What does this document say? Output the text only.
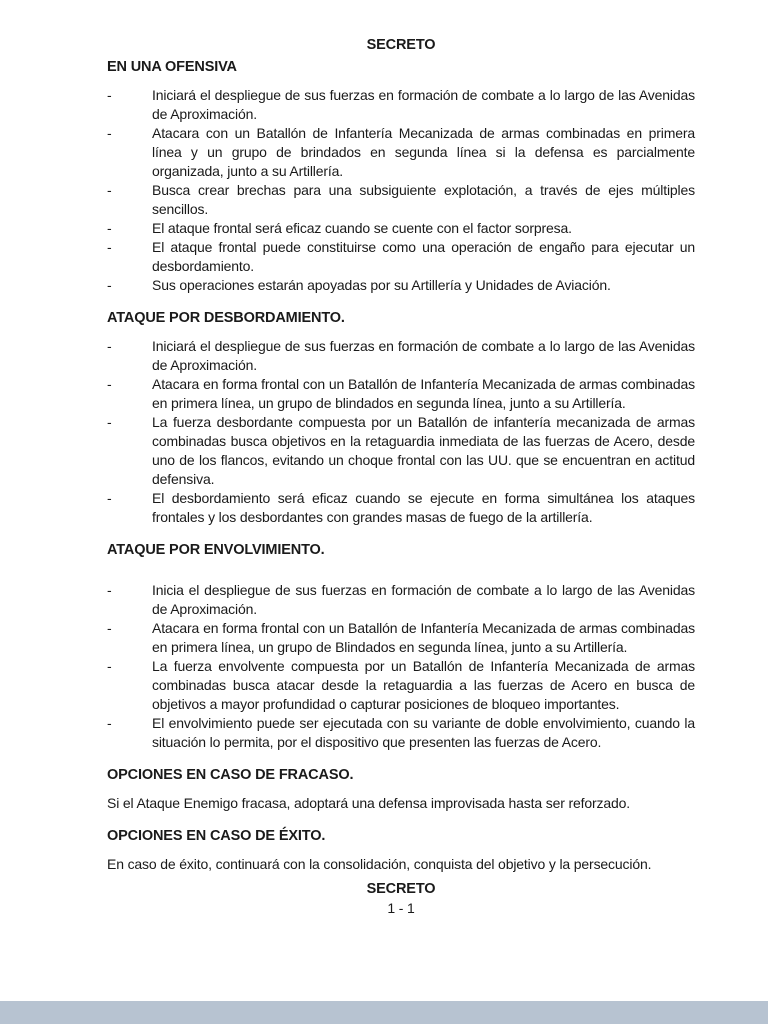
SECRETO
EN UNA OFENSIVA
-	Iniciará el despliegue de sus fuerzas en formación de combate a lo largo de las Avenidas de Aproximación.
-	Atacara con un Batallón de Infantería Mecanizada de armas combinadas en primera línea y un grupo de brindados en segunda línea si la defensa es parcialmente organizada, junto a su Artillería.
-	Busca crear brechas para una subsiguiente explotación, a través de ejes múltiples sencillos.
-	El ataque frontal será eficaz cuando se cuente con el factor sorpresa.
-	El ataque frontal puede constituirse como una operación de engaño para ejecutar un desbordamiento.
-	Sus operaciones estarán apoyadas por su Artillería y Unidades de Aviación.
ATAQUE POR DESBORDAMIENTO.
-	Iniciará el despliegue de sus fuerzas en formación de combate a lo largo de las Avenidas de Aproximación.
-	Atacara en forma frontal con un Batallón de Infantería Mecanizada de armas combinadas en primera línea, un grupo de blindados en segunda línea, junto a su Artillería.
-	La fuerza desbordante compuesta por un Batallón de infantería mecanizada de armas combinadas busca objetivos en la retaguardia inmediata de las fuerzas de Acero, desde uno de los flancos, evitando un choque frontal con las UU. que se encuentran en actitud defensiva.
-	El desbordamiento será eficaz cuando se ejecute en forma simultánea los ataques frontales y los desbordantes con grandes masas de fuego de la artillería.
ATAQUE POR ENVOLVIMIENTO.
-	Inicia el despliegue de sus fuerzas en formación de combate a lo largo de las Avenidas de Aproximación.
-	Atacara en forma frontal con un Batallón de Infantería Mecanizada de armas combinadas en primera línea, un grupo de Blindados en segunda línea, junto a su Artillería.
-	La fuerza envolvente compuesta por un Batallón de Infantería Mecanizada de armas combinadas busca atacar desde la retaguardia a las fuerzas de Acero en busca de objetivos a mayor profundidad o capturar posiciones de bloqueo importantes.
-	El envolvimiento puede ser ejecutada con su variante de doble envolvimiento, cuando la situación lo permita, por el dispositivo que presenten las fuerzas de Acero.
OPCIONES EN CASO DE FRACASO.

Si el Ataque Enemigo fracasa, adoptará una defensa improvisada hasta ser reforzado.

OPCIONES EN CASO DE ÉXITO.

En caso de éxito, continuará con la consolidación, conquista del objetivo y la persecución.

SECRETO
1 - 1
